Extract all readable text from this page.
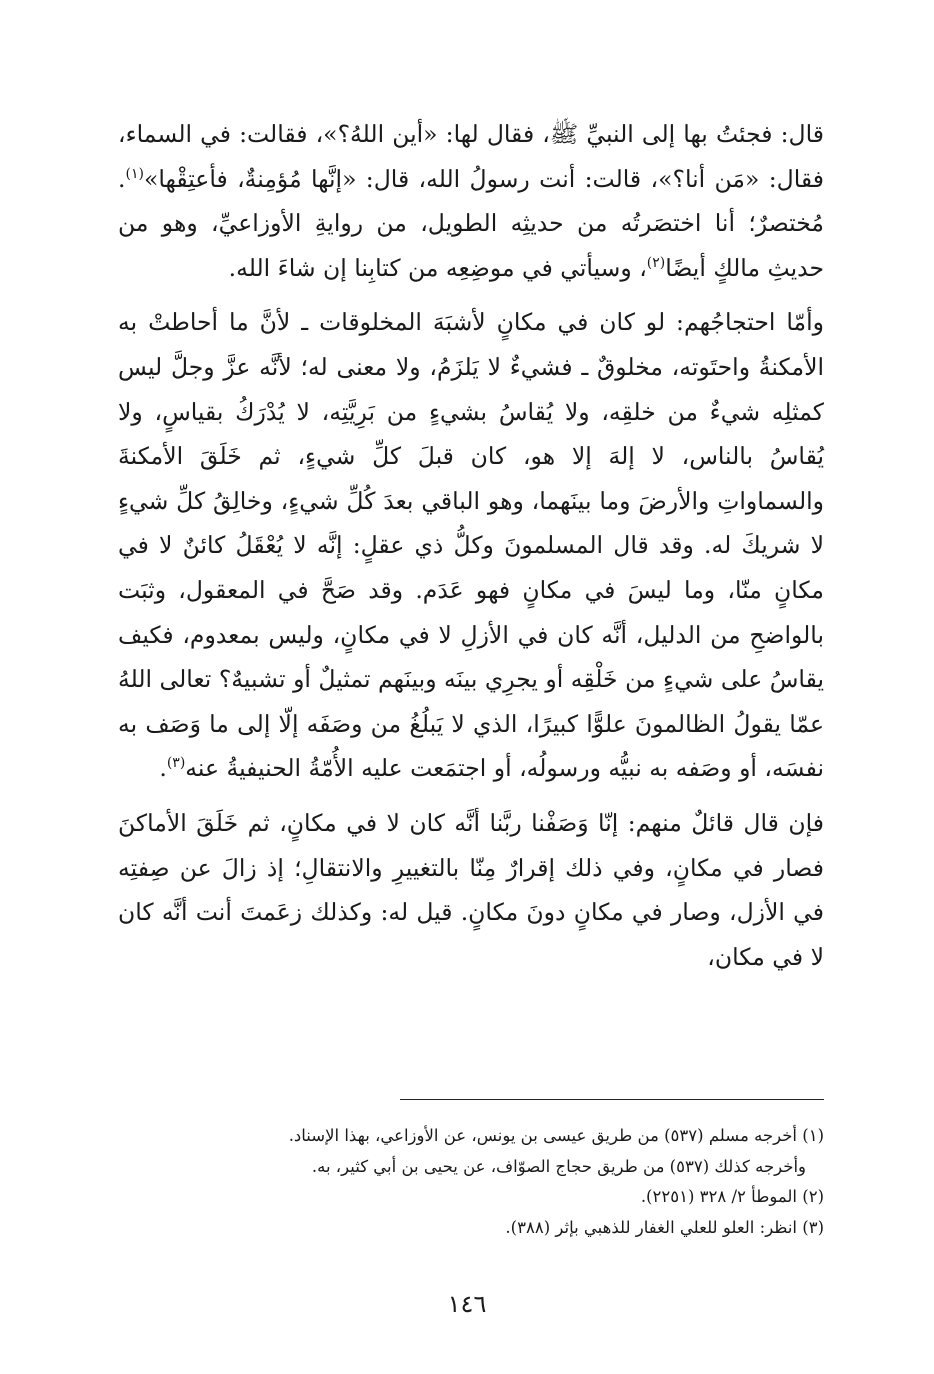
قال: فجئتُ بها إلى النبيِّ ﷺ، فقال لها: «أين اللهُ؟»، فقالت: في السماء، فقال: «مَن أنا؟»، قالت: أنت رسولُ الله، قال: «إنَّها مُؤمِنةٌ، فأعتِقْها»$^{(١)}$. مُختصرٌ؛ أنا اختصَرتُه من حديثِه الطويل، من روايةِ الأوزاعيِّ، وهو من حديثِ مالكٍ أيضًا$^{(٢)}$، وسيأتي في موضِعِه من كتابِنا إن شاءَ الله.

وأمّا احتجاجُهم: لو كان في مكانٍ لأشبَهَ المخلوقات ـ لأنَّ ما أحاطتْ به الأمكنةُ واحتَوته، مخلوقٌ ـ فشيءٌ لا يَلزَمُ، ولا معنى له؛ لأنَّه عزَّ وجلَّ ليس كمثلِه شيءٌ من خلقِه، ولا يُقاسُ بشيءٍ من بَرِيَّتِه، لا يُدْرَكُ بقياسٍ، ولا يُقاسُ بالناس، لا إلهَ إلا هو، كان قبلَ كلِّ شيءٍ، ثم خَلَقَ الأمكنةَ والسماواتِ والأرضَ وما بينَهما، وهو الباقي بعدَ كُلِّ شيءٍ، وخالِقُ كلِّ شيءٍ لا شريكَ له. وقد قال المسلمونَ وكلُّ ذي عقلٍ: إنَّه لا يُعْقَلُ كائنٌ لا في مكانٍ منّا، وما ليسَ في مكانٍ فهو عَدَم. وقد صَحَّ في المعقول، وثبَت بالواضحِ من الدليل، أنَّه كان في الأزلِ لا في مكانٍ، وليس بمعدوم، فكيف يقاسُ على شيءٍ من خَلْقِه أو يجرِي بينَه وبينَهم تمثيلٌ أو تشبيهٌ؟ تعالى اللهُ عمّا يقولُ الظالمونَ علوًّا كبيرًا، الذي لا يَبلُغُ من وصَفَه إلّا إلى ما وَصَف به نفسَه، أو وصَفه به نبيُّه ورسولُه، أو اجتمَعت عليه الأُمّةُ الحنيفيةُ عنه$^{(٣)}$.

فإن قال قائلٌ منهم: إنّا وَصَفْنا ربَّنا أنَّه كان لا في مكانٍ، ثم خَلَقَ الأماكنَ فصار في مكانٍ، وفي ذلك إقرارٌ مِنّا بالتغييرِ والانتقالِ؛ إذ زالَ عن صِفتِه في الأزل، وصار في مكانٍ دونَ مكانٍ. قيل له: وكذلك زعَمتَ أنت أنَّه كان لا في مكان،

(١) أخرجه مسلم (٥٣٧) من طريق عيسى بن يونس، عن الأوزاعي، بهذا الإسناد.

وأخرجه كذلك (٥٣٧) من طريق حجاج الصوّاف، عن يحيى بن أبي كثير، به.

(٢) الموطأ ٢/ ٣٢٨ (٢٢٥١).

(٣) انظر: العلو للعلي الغفار للذهبي بإثر (٣٨٨).

١٤٦
